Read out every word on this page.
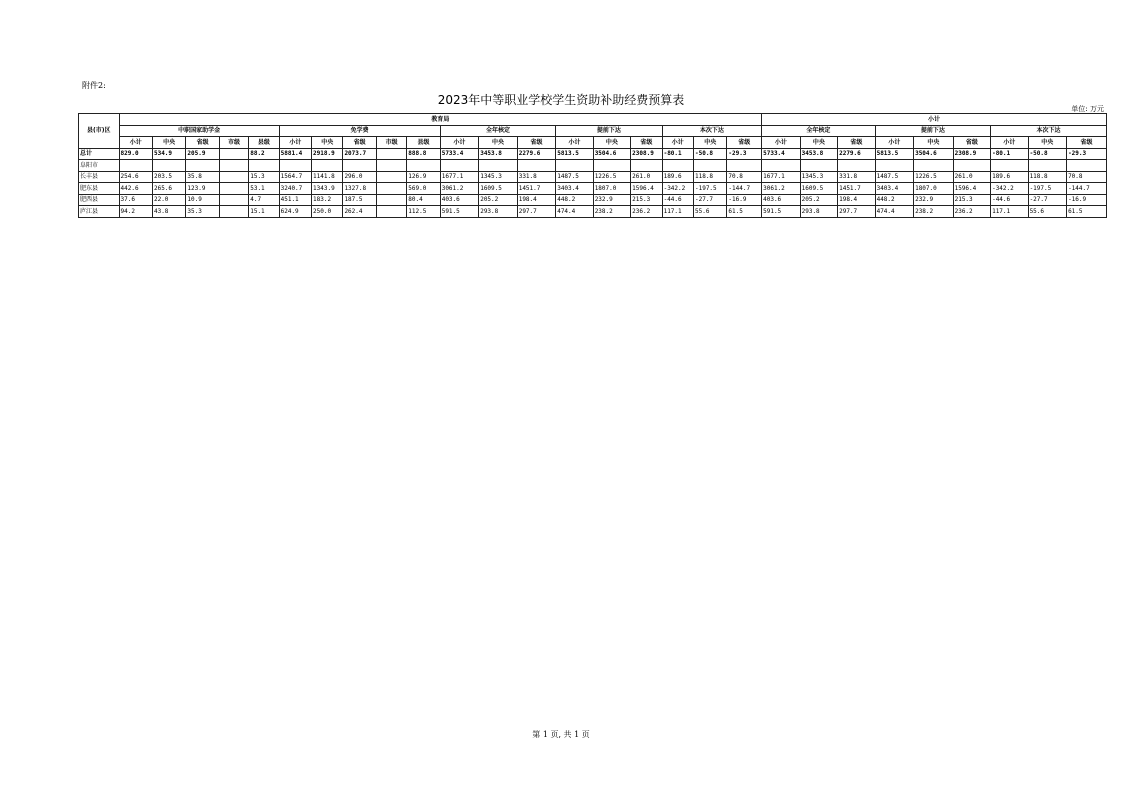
附件2:
2023年中等职业学校学生资助补助经费预算表
单位: 万元
县(市)区	教育局																			小计								
	中职国家助学金					免学费					全年核定			提前下达			本次下达			全年核定			提前下达			本次下达		
	小计	中央	省级	市级	县级	小计	中央	省级	市级	县级	小计	中央	省级	小计	中央	省级	小计	中央	省级	小计	中央	省级	小计	中央	省级	小计	中央	省级
总计	829.0	534.9	205.9		88.2	5881.4	2918.9	2073.7		888.8	5733.4	3453.8	2279.6	5813.5	3504.6	2308.9	-80.1	-50.8	-29.3	5733.4	3453.8	2279.6	5813.5	3504.6	2308.9	-80.1	-50.8	-29.3
阜阳市																												
长丰县	254.6	203.5	35.8		15.3	1564.7	1141.8	296.0		126.9	1677.1	1345.3	331.8	1487.5	1226.5	261.0	189.6	118.8	70.8	1677.1	1345.3	331.8	1487.5	1226.5	261.0	189.6	118.8	70.8
肥东县	442.6	265.6	123.9		53.1	3240.7	1343.9	1327.8		569.0	3061.2	1609.5	1451.7	3403.4	1807.0	1596.4	-342.2	-197.5	-144.7	3061.2	1609.5	1451.7	3403.4	1807.0	1596.4	-342.2	-197.5	-144.7
肥西县	37.6	22.0	10.9		4.7	451.1	183.2	187.5		80.4	403.6	205.2	198.4	448.2	232.9	215.3	-44.6	-27.7	-16.9	403.6	205.2	198.4	448.2	232.9	215.3	-44.6	-27.7	-16.9
庐江县	94.2	43.8	35.3		15.1	624.9	250.0	262.4		112.5	591.5	293.8	297.7	474.4	238.2	236.2	117.1	55.6	61.5	591.5	293.8	297.7	474.4	238.2	236.2	117.1	55.6	61.5
第 1 页, 共 1 页
